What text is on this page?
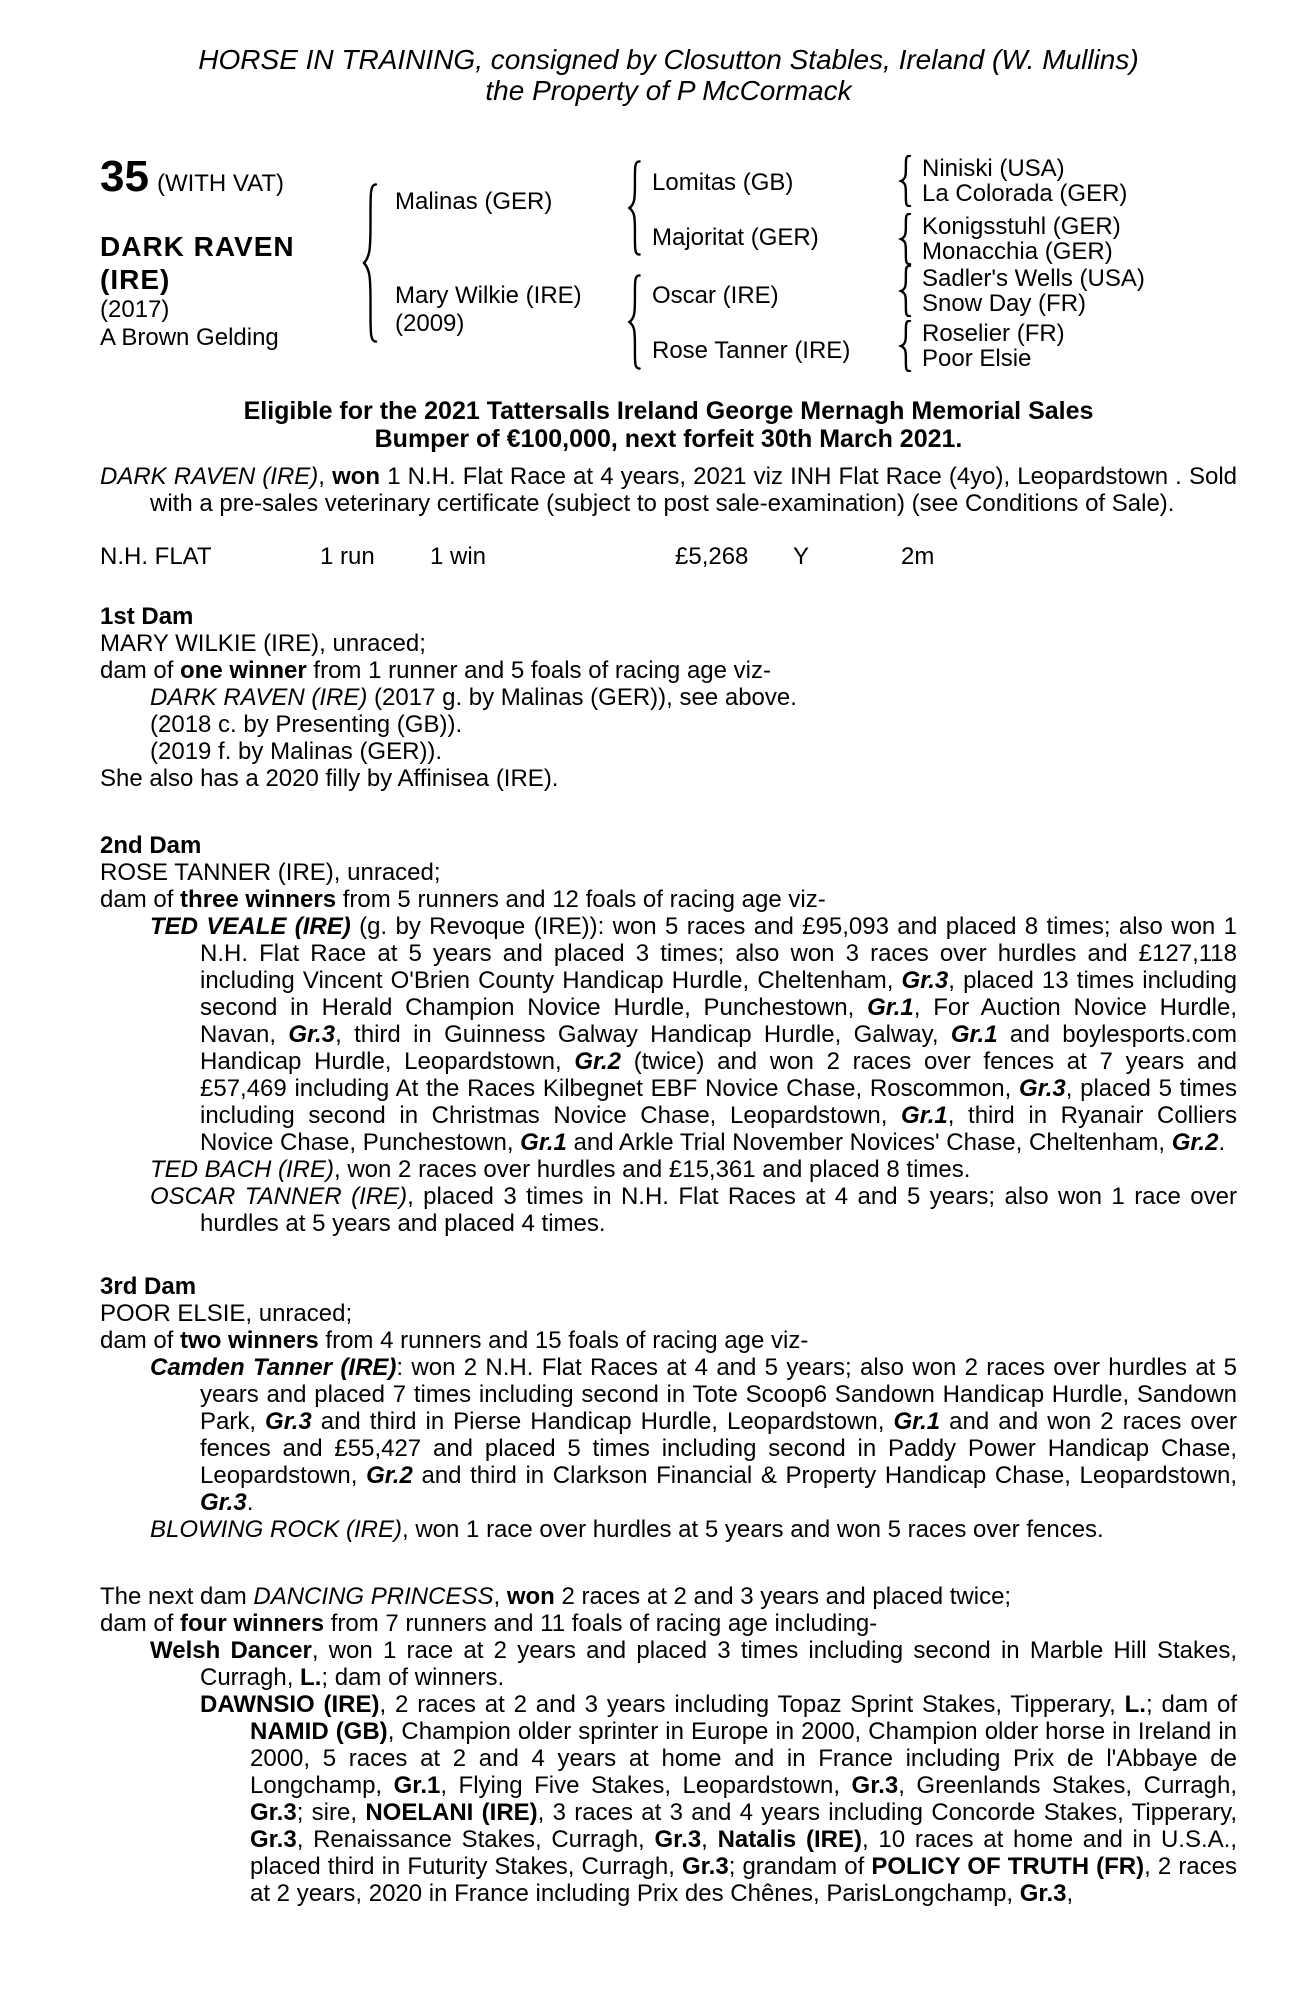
HORSE IN TRAINING, consigned by Closutton Stables, Ireland (W. Mullins)
the Property of P McCormack
35 (WITH VAT)
DARK RAVEN
(IRE)
(2017)
A Brown Gelding
Malinas (GER)
Mary Wilkie (IRE)
(2009)
Lomitas (GB)
Majoritat (GER)
Oscar (IRE)
Rose Tanner (IRE)
Niniski (USA)
La Colorada (GER)
Konigsstuhl (GER)
Monacchia (GER)
Sadler's Wells (USA)
Snow Day (FR)
Roselier (FR)
Poor Elsie
Eligible for the 2021 Tattersalls Ireland George Mernagh Memorial Sales
Bumper of €100,000, next forfeit 30th March 2021.
DARK RAVEN (IRE), won 1 N.H. Flat Race at 4 years, 2021 viz INH Flat Race (4yo), Leopardstown . Sold with a pre-sales veterinary certificate (subject to post sale-examination) (see Conditions of Sale).
N.H. FLAT	1 run 1 win	£5,268 Y	2m
1st Dam
MARY WILKIE (IRE), unraced;
dam of one winner from 1 runner and 5 foals of racing age viz-
DARK RAVEN (IRE) (2017 g. by Malinas (GER)), see above.
(2018 c. by Presenting (GB)).
(2019 f. by Malinas (GER)).
She also has a 2020 filly by Affinisea (IRE).
2nd Dam
ROSE TANNER (IRE), unraced;
dam of three winners from 5 runners and 12 foals of racing age viz-
TED VEALE (IRE) (g. by Revoque (IRE)): won 5 races and £95,093 and placed 8 times; also won 1 N.H. Flat Race at 5 years and placed 3 times; also won 3 races over hurdles and £127,118 including Vincent O'Brien County Handicap Hurdle, Cheltenham, Gr.3, placed 13 times including second in Herald Champion Novice Hurdle, Punchestown, Gr.1, For Auction Novice Hurdle, Navan, Gr.3, third in Guinness Galway Handicap Hurdle, Galway, Gr.1 and boylesports.com Handicap Hurdle, Leopardstown, Gr.2 (twice) and won 2 races over fences at 7 years and £57,469 including At the Races Kilbegnet EBF Novice Chase, Roscommon, Gr.3, placed 5 times including second in Christmas Novice Chase, Leopardstown, Gr.1, third in Ryanair Colliers Novice Chase, Punchestown, Gr.1 and Arkle Trial November Novices' Chase, Cheltenham, Gr.2.
TED BACH (IRE), won 2 races over hurdles and £15,361 and placed 8 times.
OSCAR TANNER (IRE), placed 3 times in N.H. Flat Races at 4 and 5 years; also won 1 race over hurdles at 5 years and placed 4 times.
3rd Dam
POOR ELSIE, unraced;
dam of two winners from 4 runners and 15 foals of racing age viz-
Camden Tanner (IRE): won 2 N.H. Flat Races at 4 and 5 years; also won 2 races over hurdles at 5 years and placed 7 times including second in Tote Scoop6 Sandown Handicap Hurdle, Sandown Park, Gr.3 and third in Pierse Handicap Hurdle, Leopardstown, Gr.1 and and won 2 races over fences and £55,427 and placed 5 times including second in Paddy Power Handicap Chase, Leopardstown, Gr.2 and third in Clarkson Financial & Property Handicap Chase, Leopardstown, Gr.3.
BLOWING ROCK (IRE), won 1 race over hurdles at 5 years and won 5 races over fences.
The next dam DANCING PRINCESS, won 2 races at 2 and 3 years and placed twice;
dam of four winners from 7 runners and 11 foals of racing age including-
Welsh Dancer, won 1 race at 2 years and placed 3 times including second in Marble Hill Stakes, Curragh, L.; dam of winners.
DAWNSIO (IRE), 2 races at 2 and 3 years including Topaz Sprint Stakes, Tipperary, L.; dam of NAMID (GB), Champion older sprinter in Europe in 2000, Champion older horse in Ireland in 2000, 5 races at 2 and 4 years at home and in France including Prix de l'Abbaye de Longchamp, Gr.1, Flying Five Stakes, Leopardstown, Gr.3, Greenlands Stakes, Curragh, Gr.3; sire, NOELANI (IRE), 3 races at 3 and 4 years including Concorde Stakes, Tipperary, Gr.3, Renaissance Stakes, Curragh, Gr.3, Natalis (IRE), 10 races at home and in U.S.A., placed third in Futurity Stakes, Curragh, Gr.3; grandam of POLICY OF TRUTH (FR), 2 races at 2 years, 2020 in France including Prix des Chênes, ParisLongchamp, Gr.3,
